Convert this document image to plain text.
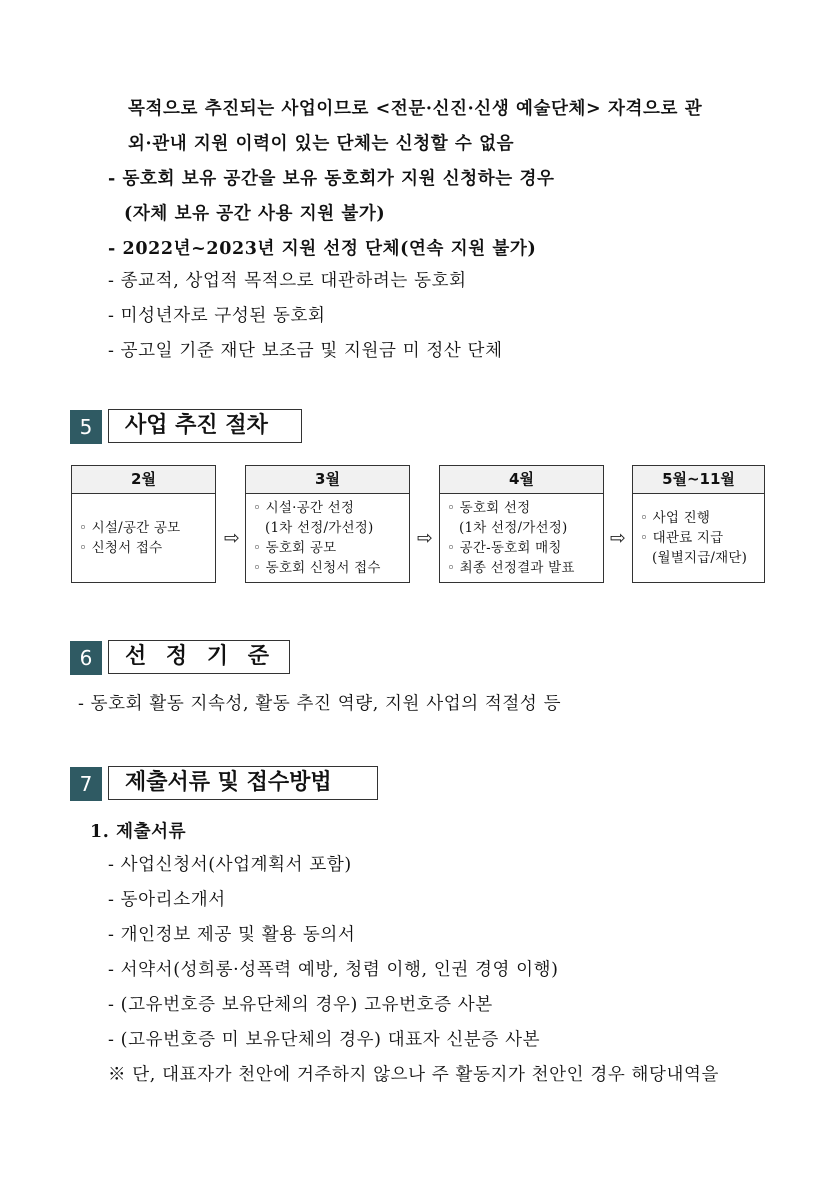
목적으로 추진되는 사업이므로 <전문·신진·신생 예술단체> 자격으로 관
외·관내 지원 이력이 있는 단체는 신청할 수 없음
- 동호회 보유 공간을 보유 동호회가 지원 신청하는 경우
(자체 보유 공간 사용 지원 불가)
- 2022년~2023년 지원 선정 단체(연속 지원 불가)
- 종교적, 상업적 목적으로 대관하려는 동호회
- 미성년자로 구성된 동호회
- 공고일 기준 재단 보조금 및 지원금 미 정산 단체
5	사업 추진 절차
2월
◦ 시설/공간 공모
◦ 신청서 접수	⇨
3월
◦ 시설·공간 선정
(1차 선정/가선정)
◦ 동호회 공모
◦ 동호회 신청서 접수
⇨
4월
◦ 동호회 선정
(1차 선정/가선정)
◦ 공간-동호회 매칭
◦ 최종 선정결과 발표
⇨
5월~11월
◦ 사업 진행
◦ 대관료 지급
(월별지급/재단)
6	선 정 기 준
- 동호회 활동 지속성, 활동 추진 역량, 지원 사업의 적절성 등
7	제출서류 및 접수방법
1. 제출서류
- 사업신청서(사업계획서 포함)
- 동아리소개서
- 개인정보 제공 및 활용 동의서
- 서약서(성희롱·성폭력 예방, 청렴 이행, 인권 경영 이행)
- (고유번호증 보유단체의 경우) 고유번호증 사본
- (고유번호증 미 보유단체의 경우) 대표자 신분증 사본
※ 단, 대표자가 천안에 거주하지 않으나 주 활동지가 천안인 경우 해당내역을
